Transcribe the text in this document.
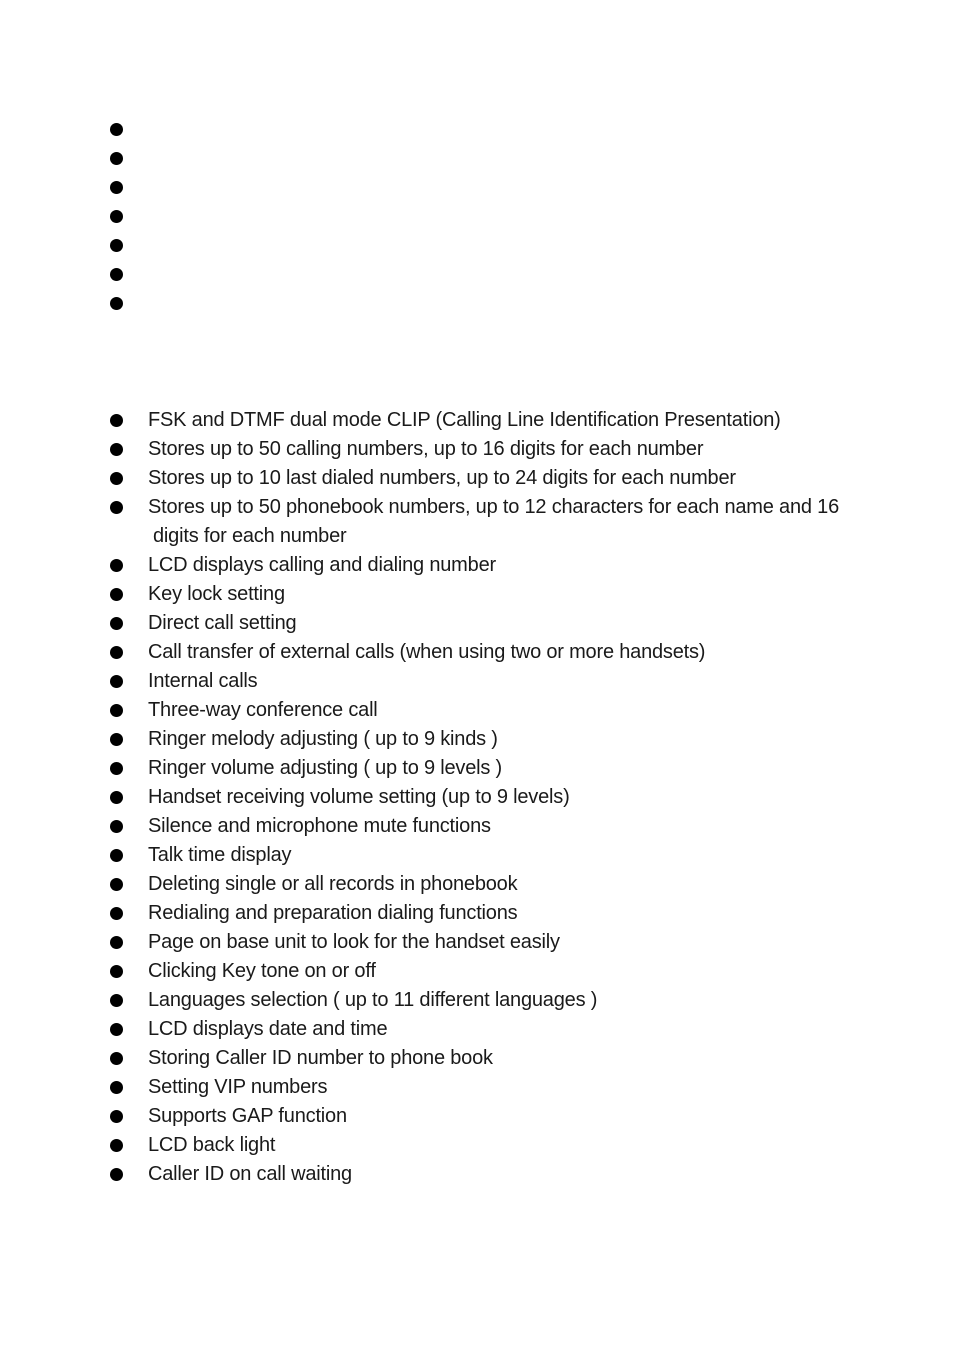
FSK and DTMF dual mode CLIP (Calling Line Identification Presentation)
Stores up to 50 calling numbers, up to 16 digits for each number
Stores up to 10 last dialed numbers, up to 24 digits for each number
Stores up to 50 phonebook numbers, up to 12 characters for each name and 16
digits for each number
LCD displays calling and dialing number
Key lock setting
Direct call setting
Call transfer of external calls (when using two or more handsets)
Internal calls
Three-way conference call
Ringer melody adjusting ( up to 9 kinds )
Ringer volume adjusting ( up to 9 levels )
Handset receiving volume setting (up to 9 levels)
Silence and microphone mute functions
Talk time display
Deleting single or all records in phonebook
Redialing and preparation dialing functions
Page on base unit to look for the handset easily
Clicking Key tone on or off
Languages selection ( up to 11 different languages )
LCD displays date and time
Storing Caller ID number to phone book
Setting VIP numbers
Supports GAP function
LCD back light
Caller ID on call waiting
